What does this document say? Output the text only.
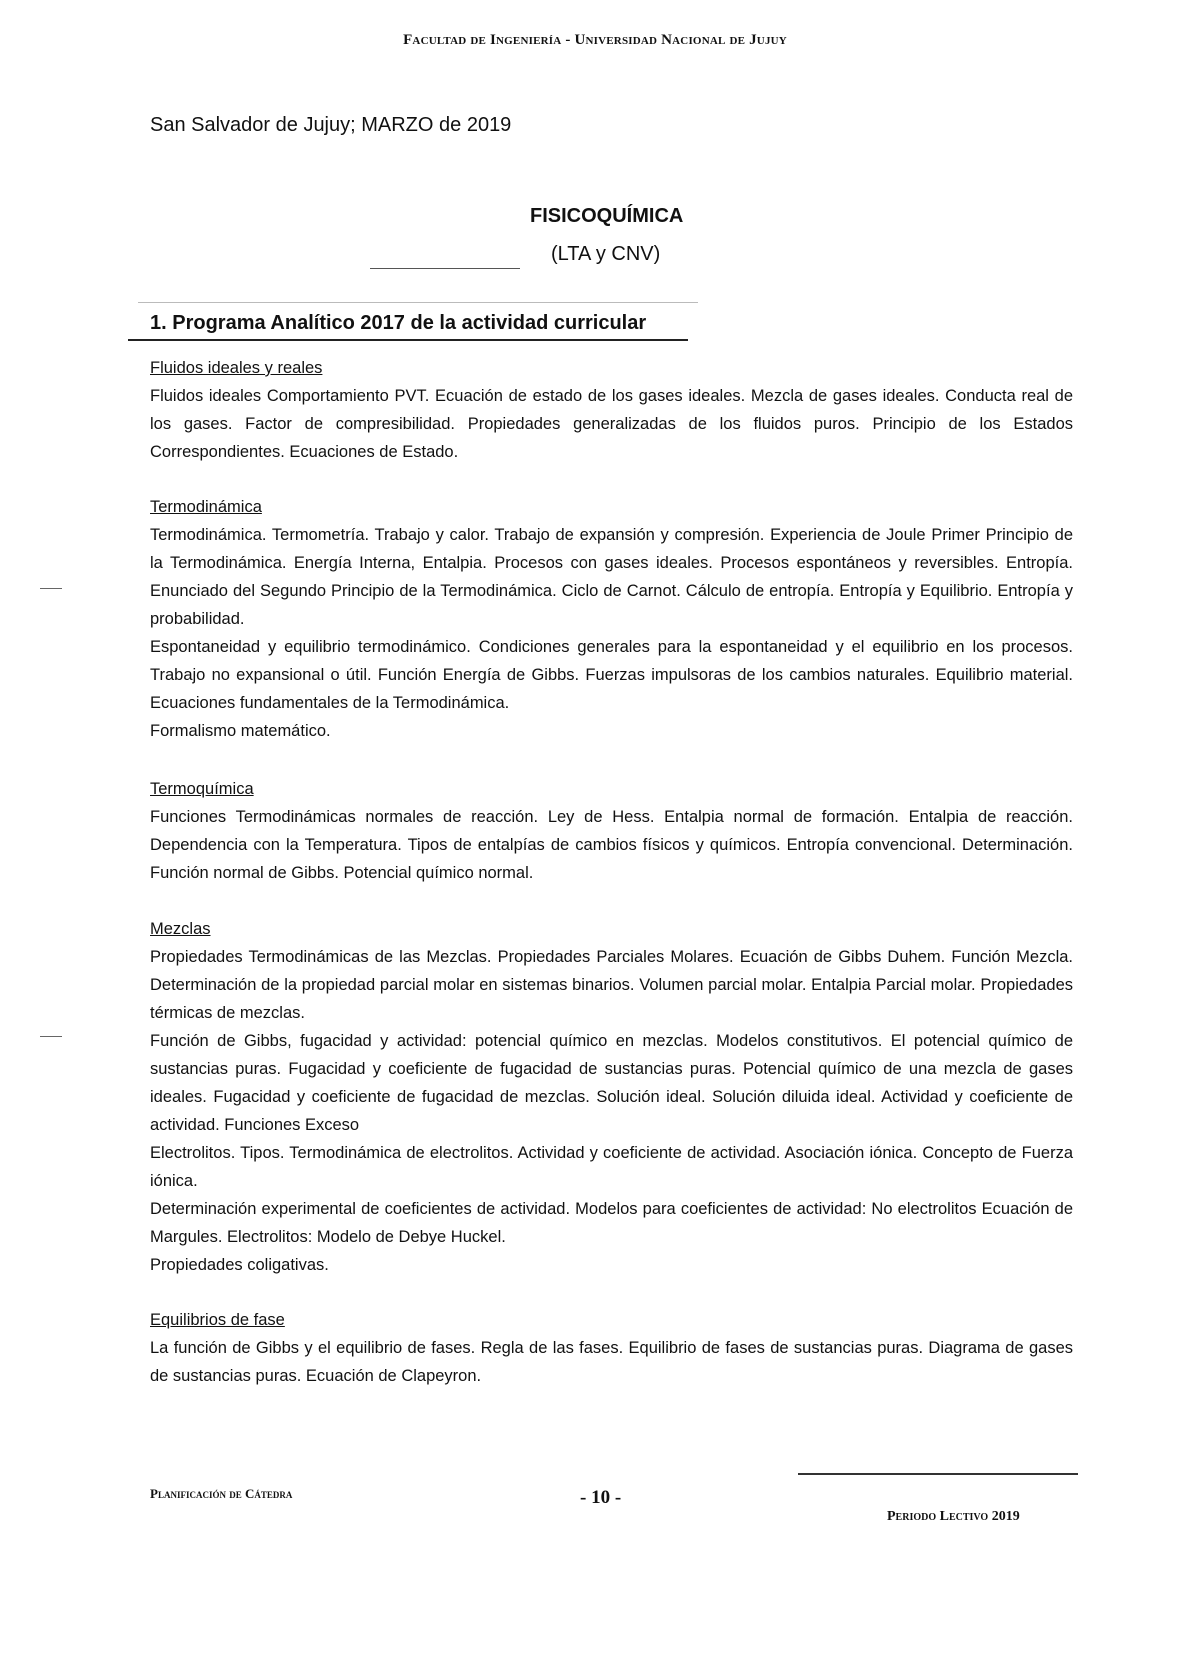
Facultad de Ingeniería - Universidad Nacional de Jujuy
San Salvador de Jujuy; MARZO de 2019
FISICOQUÍMICA
(LTA y CNV)
1. Programa Analítico 2017 de la actividad curricular
Fluidos ideales y reales

Fluidos ideales Comportamiento PVT. Ecuación de estado de los gases ideales. Mezcla de gases ideales. Conducta real de los gases. Factor de compresibilidad. Propiedades generalizadas de los fluidos puros. Principio de los Estados Correspondientes. Ecuaciones de Estado.

Termodinámica

Termodinámica. Termometría. Trabajo y calor. Trabajo de expansión y compresión. Experiencia de Joule Primer Principio de la Termodinámica. Energía Interna, Entalpia. Procesos con gases ideales. Procesos espontáneos y reversibles. Entropía. Enunciado del Segundo Principio de la Termodinámica. Ciclo de Carnot. Cálculo de entropía. Entropía y Equilibrio. Entropía y probabilidad.

Espontaneidad y equilibrio termodinámico. Condiciones generales para la espontaneidad y el equilibrio en los procesos. Trabajo no expansional o útil. Función Energía de Gibbs. Fuerzas impulsoras de los cambios naturales. Equilibrio material. Ecuaciones fundamentales de la Termodinámica.

Formalismo matemático.

Termoquímica

Funciones Termodinámicas normales de reacción. Ley de Hess. Entalpia normal de formación. Entalpia de reacción. Dependencia con la Temperatura. Tipos de entalpías de cambios físicos y químicos. Entropía convencional. Determinación. Función normal de Gibbs. Potencial químico normal.

Mezclas

Propiedades Termodinámicas de las Mezclas. Propiedades Parciales Molares. Ecuación de Gibbs Duhem. Función Mezcla. Determinación de la propiedad parcial molar en sistemas binarios. Volumen parcial molar. Entalpia Parcial molar. Propiedades térmicas de mezclas.

Función de Gibbs, fugacidad y actividad: potencial químico en mezclas. Modelos constitutivos. El potencial químico de sustancias puras. Fugacidad y coeficiente de fugacidad de sustancias puras. Potencial químico de una mezcla de gases ideales. Fugacidad y coeficiente de fugacidad de mezclas. Solución ideal. Solución diluida ideal. Actividad y coeficiente de actividad. Funciones Exceso

Electrolitos. Tipos. Termodinámica de electrolitos. Actividad y coeficiente de actividad. Asociación iónica. Concepto de Fuerza iónica.

Determinación experimental de coeficientes de actividad. Modelos para coeficientes de actividad: No electrolitos Ecuación de Margules. Electrolitos: Modelo de Debye Huckel.

Propiedades coligativas.

Equilibrios de fase

La función de Gibbs y el equilibrio de fases. Regla de las fases. Equilibrio de fases de sustancias puras. Diagrama de gases de sustancias puras. Ecuación de Clapeyron.

Planificación de Cátedra	- 10 -
Periodo Lectivo 2019
